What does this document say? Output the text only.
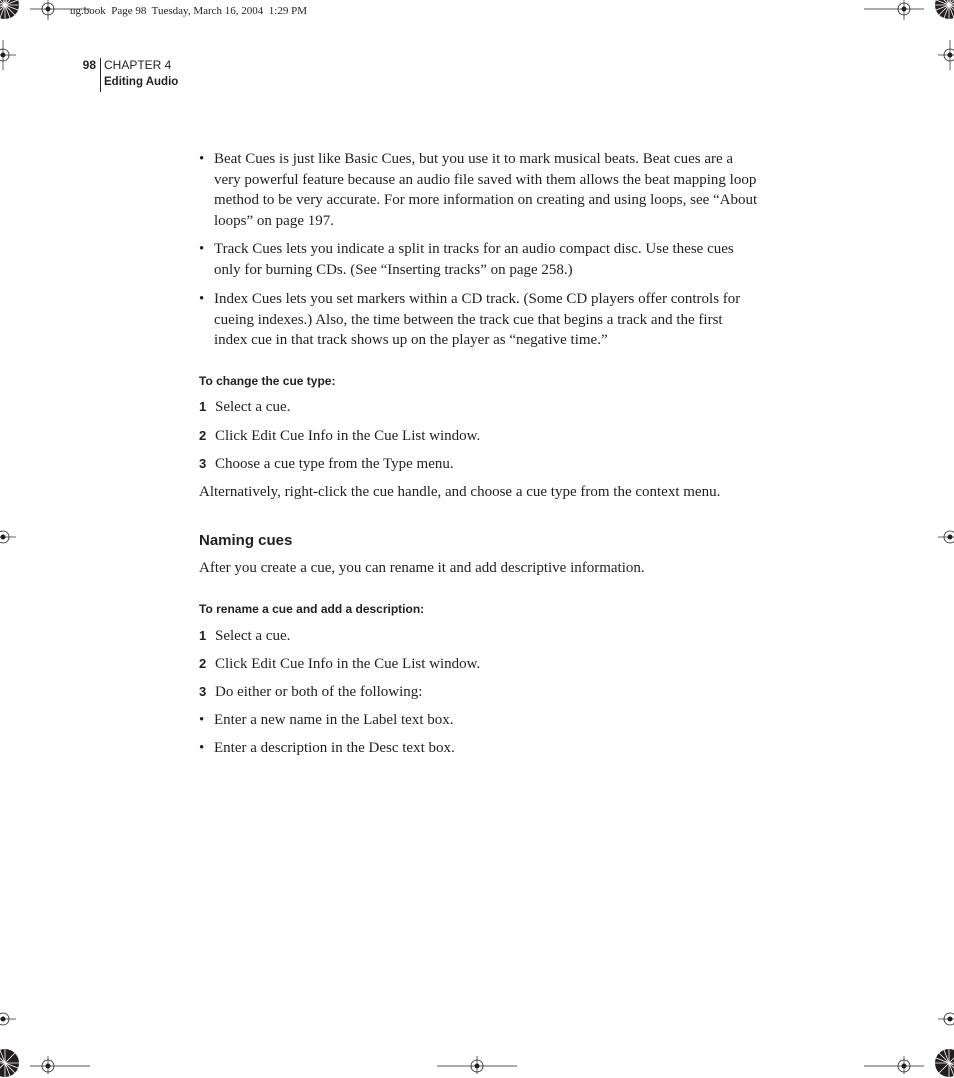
ug.book  Page 98  Tuesday, March 16, 2004  1:29 PM
98 CHAPTER 4
Editing Audio
• Beat Cues is just like Basic Cues, but you use it to mark musical beats. Beat cues are a very powerful feature because an audio file saved with them allows the beat mapping loop method to be very accurate. For more information on creating and using loops, see “About loops” on page 197.
• Track Cues lets you indicate a split in tracks for an audio compact disc. Use these cues only for burning CDs. (See “Inserting tracks” on page 258.)
• Index Cues lets you set markers within a CD track. (Some CD players offer controls for cueing indexes.) Also, the time between the track cue that begins a track and the first index cue in that track shows up on the player as “negative time.”
To change the cue type:
1 Select a cue.
2 Click Edit Cue Info in the Cue List window.
3 Choose a cue type from the Type menu.
Alternatively, right-click the cue handle, and choose a cue type from the context menu.
Naming cues
After you create a cue, you can rename it and add descriptive information.
To rename a cue and add a description:
1 Select a cue.
2 Click Edit Cue Info in the Cue List window.
3 Do either or both of the following:
• Enter a new name in the Label text box.
• Enter a description in the Desc text box.
